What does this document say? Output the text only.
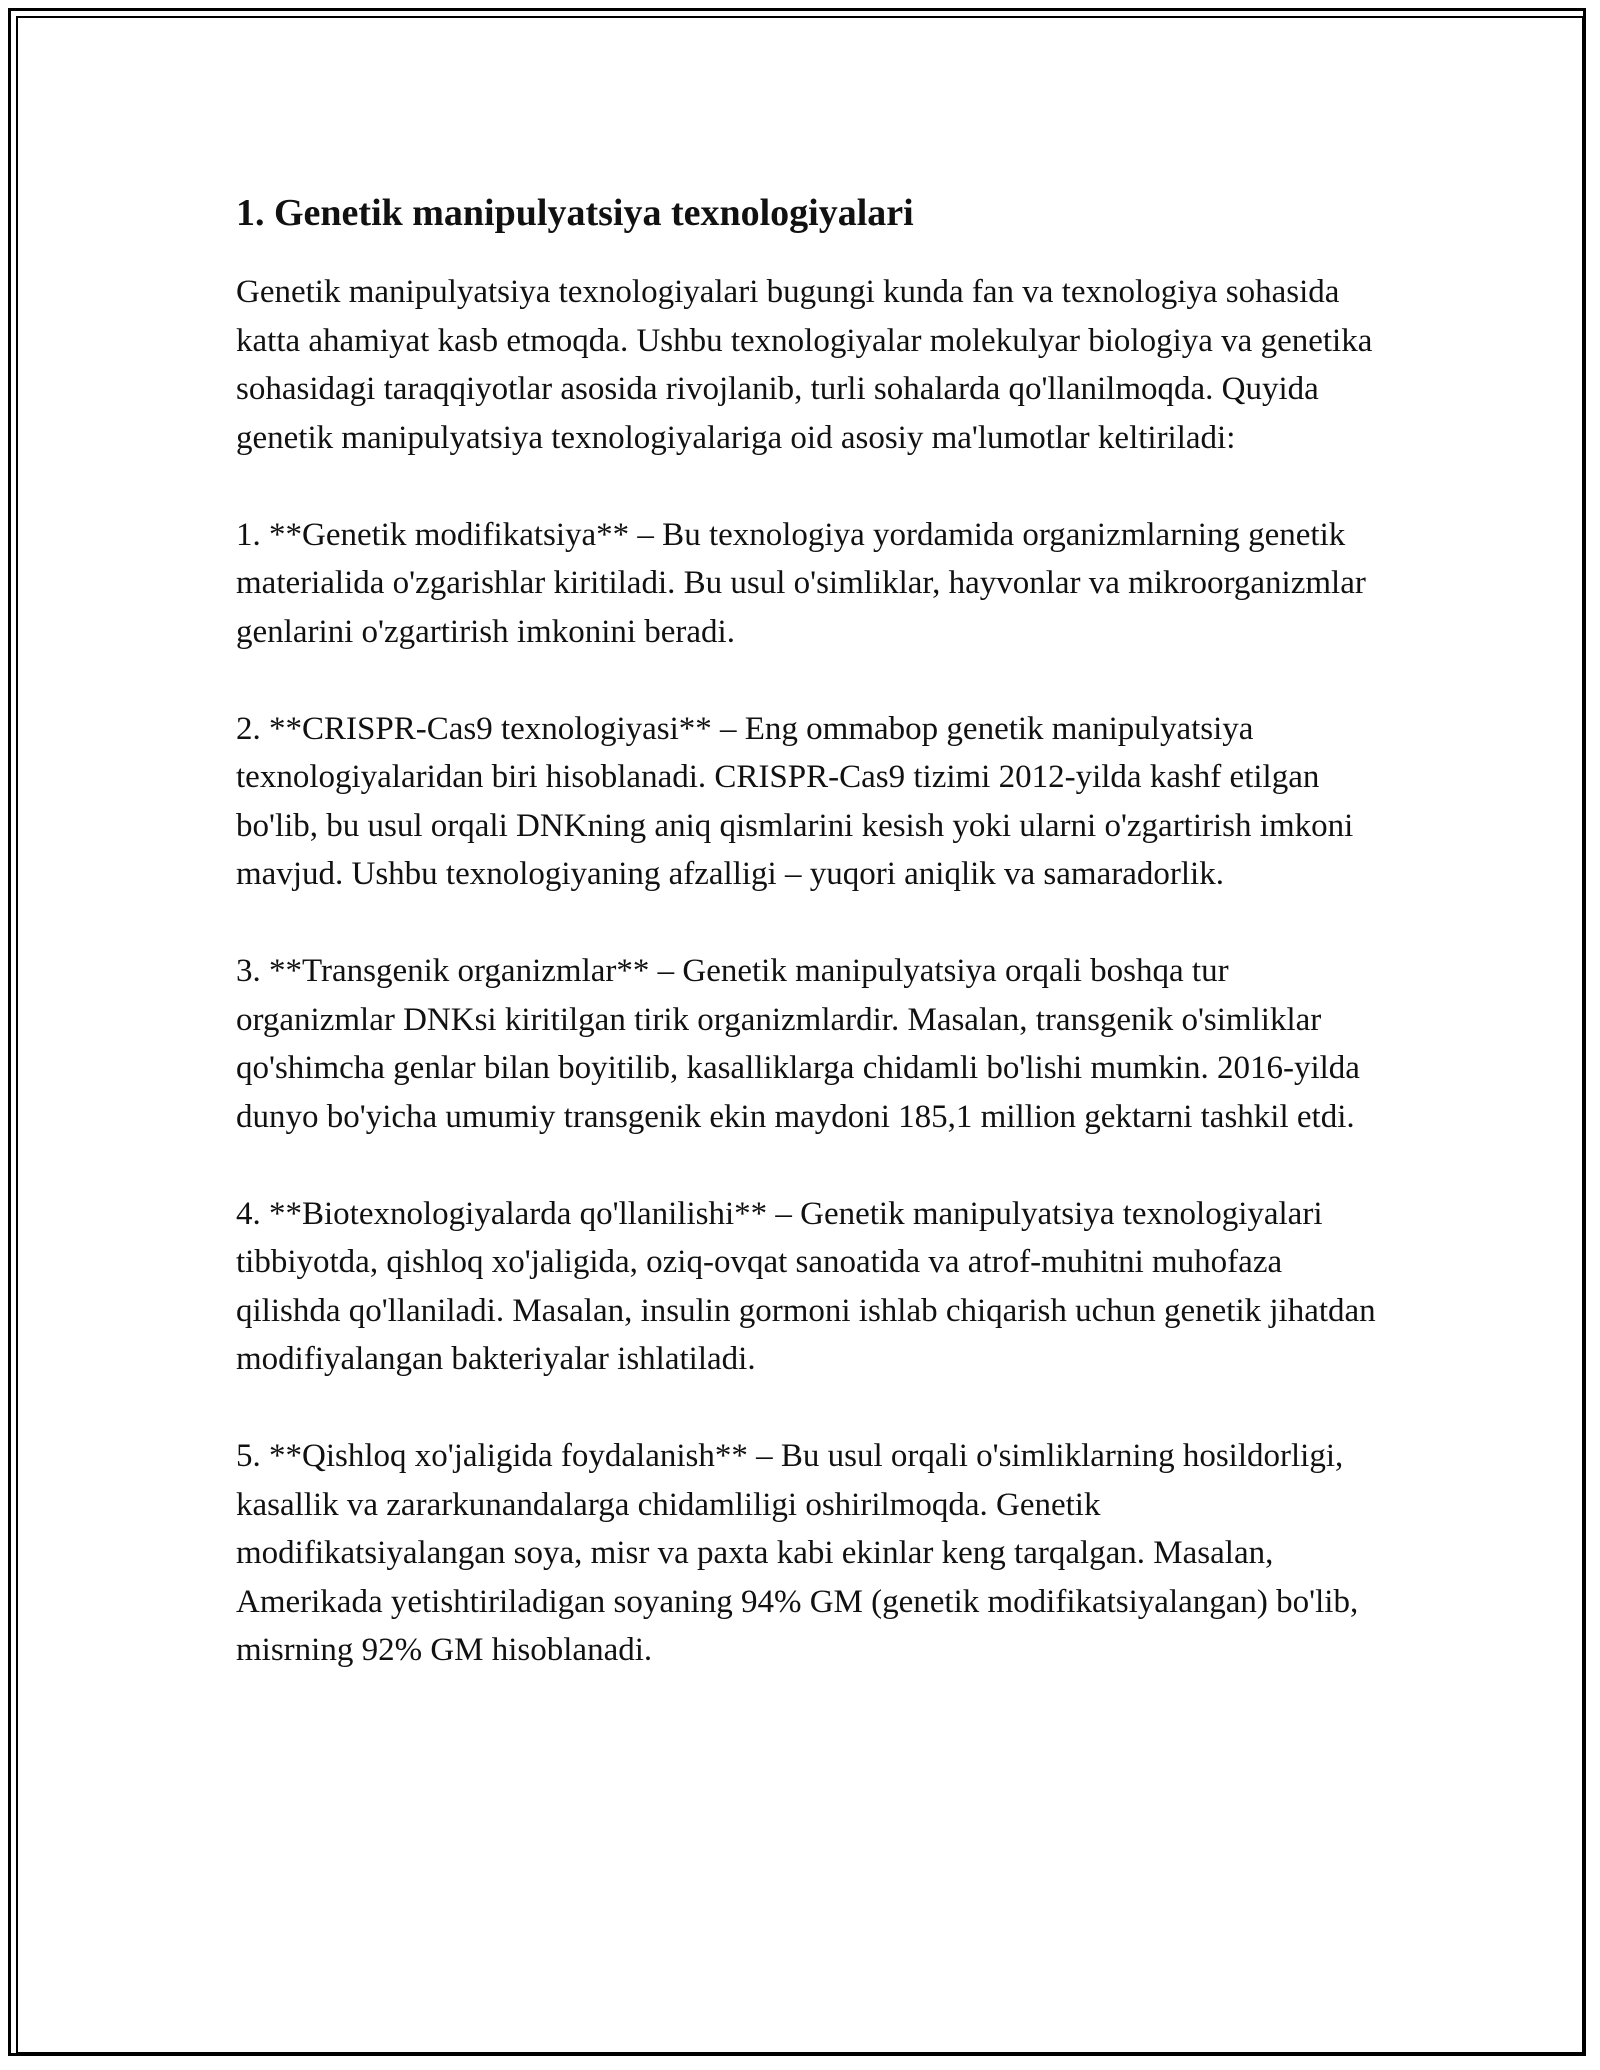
1. Genetik manipulyatsiya texnologiyalari

Genetik manipulyatsiya texnologiyalari bugungi kunda fan va texnologiya sohasida katta ahamiyat kasb etmoqda. Ushbu texnologiyalar molekulyar biologiya va genetika sohasidagi taraqqiyotlar asosida rivojlanib, turli sohalarda qo'llanilmoqda. Quyida genetik manipulyatsiya texnologiyalariga oid asosiy ma'lumotlar keltiriladi:

1. **Genetik modifikatsiya** – Bu texnologiya yordamida organizmlarning genetik materialida o'zgarishlar kiritiladi. Bu usul o'simliklar, hayvonlar va mikroorganizmlar genlarini o'zgartirish imkonini beradi.

2. **CRISPR-Cas9 texnologiyasi** – Eng ommabop genetik manipulyatsiya texnologiyalaridan biri hisoblanadi. CRISPR-Cas9 tizimi 2012-yilda kashf etilgan bo'lib, bu usul orqali DNKning aniq qismlarini kesish yoki ularni o'zgartirish imkoni mavjud. Ushbu texnologiyaning afzalligi – yuqori aniqlik va samaradorlik.

3. **Transgenik organizmlar** – Genetik manipulyatsiya orqali boshqa tur organizmlar DNKsi kiritilgan tirik organizmlardir. Masalan, transgenik o'simliklar qo'shimcha genlar bilan boyitilib, kasalliklarga chidamli bo'lishi mumkin. 2016-yilda dunyo bo'yicha umumiy transgenik ekin maydoni 185,1 million gektarni tashkil etdi.

4. **Biotexnologiyalarda qo'llanilishi** – Genetik manipulyatsiya texnologiyalari tibbiyotda, qishloq xo'jaligida, oziq-ovqat sanoatida va atrof-muhitni muhofaza qilishda qo'llaniladi. Masalan, insulin gormoni ishlab chiqarish uchun genetik jihatdan modifiyalangan bakteriyalar ishlatiladi.

5. **Qishloq xo'jaligida foydalanish** – Bu usul orqali o'simliklarning hosildorligi, kasallik va zararkunandalarga chidamliligi oshirilmoqda. Genetik modifikatsiyalangan soya, misr va paxta kabi ekinlar keng tarqalgan. Masalan, Amerikada yetishtiriladigan soyaning 94% GM (genetik modifikatsiyalangan) bo'lib, misrning 92% GM hisoblanadi.
